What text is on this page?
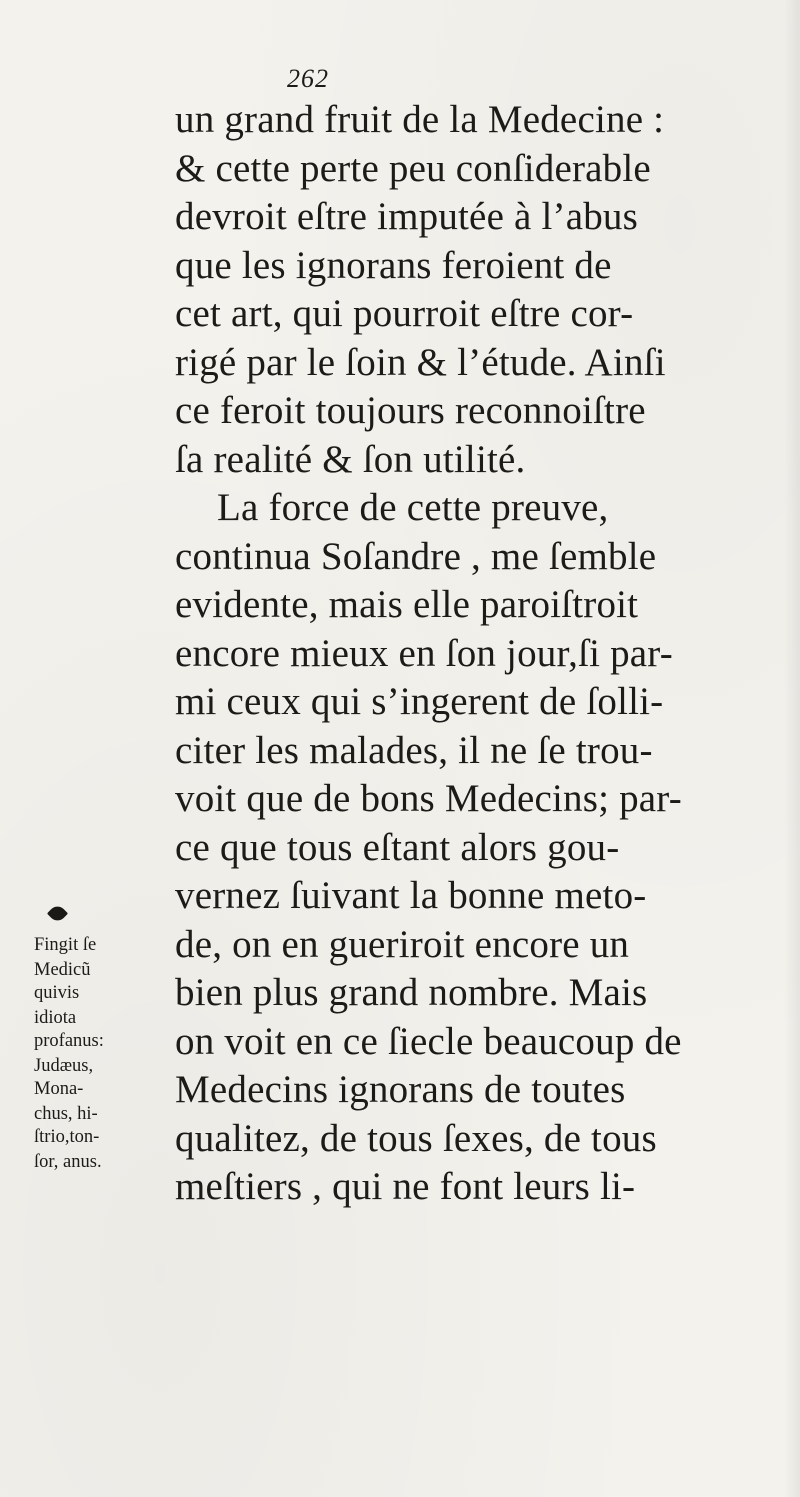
262
un grand fruit de la Medecine :
& cette perte peu conſiderable
devroit eſtre imputée à l’abus
que les ignorans feroient de
cet art, qui pourroit eſtre cor-
rigé par le ſoin & l’étude. Ainſi
ce feroit toujours reconnoiſtre
ſa realité & ſon utilité.
La force de cette preuve,
continua Soſandre , me ſemble
evidente, mais elle paroiſtroit
encore mieux en ſon jour,ſi par-
mi ceux qui s’ingerent de ſolli-
citer les malades, il ne ſe trou-
voit que de bons Medecins; par-
ce que tous eſtant alors gou-
vernez ſuivant la bonne meto-
de, on en gueriroit encore un
bien plus grand nombre. Mais
on voit en ce ſiecle beaucoup de
Medecins ignorans de toutes
qualitez, de tous ſexes, de tous
meſtiers , qui ne font leurs li-
Fingit ſe
Medicũ
quivis
idiota
profanus:
Judæus,
Mona-
chus, hi-
ſtrio,ton-
ſor, anus.
